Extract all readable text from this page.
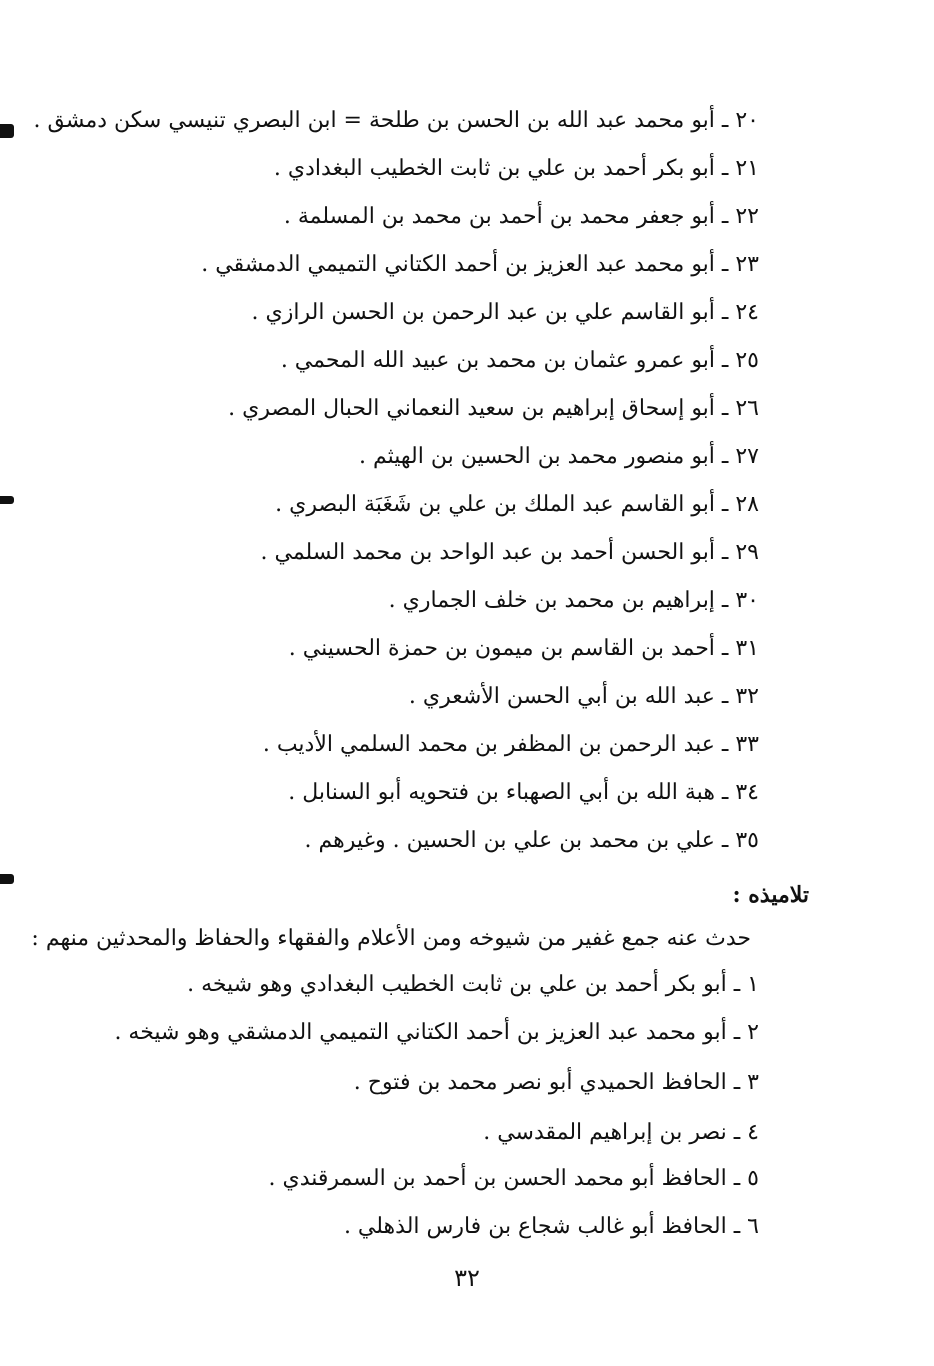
٢٠ ـ أبو محمد عبد الله بن الحسن بن طلحة = ابن البصري تنيسي سكن دمشق .
٢١ ـ أبو بكر أحمد بن علي بن ثابت الخطيب البغدادي .
٢٢ ـ أبو جعفر محمد بن أحمد بن محمد بن المسلمة .
٢٣ ـ أبو محمد عبد العزيز بن أحمد الكتاني التميمي الدمشقي .
٢٤ ـ أبو القاسم علي بن عبد الرحمن بن الحسن الرازي .
٢٥ ـ أبو عمرو عثمان بن محمد بن عبيد الله المحمي .
٢٦ ـ أبو إسحاق إبراهيم بن سعيد النعماني الحبال المصري .
٢٧ ـ أبو منصور محمد بن الحسين بن الهيثم .
٢٨ ـ أبو القاسم عبد الملك بن علي بن شَغَبَة البصري .
٢٩ ـ أبو الحسن أحمد بن عبد الواحد بن محمد السلمي .
٣٠ ـ إبراهيم بن محمد بن خلف الجماري .
٣١ ـ أحمد بن القاسم بن ميمون بن حمزة الحسيني .
٣٢ ـ عبد الله بن أبي الحسن الأشعري .
٣٣ ـ عبد الرحمن بن المظفر بن محمد السلمي الأديب .
٣٤ ـ هبة الله بن أبي الصهباء بن فتحويه أبو السنابل .
٣٥ ـ علي بن محمد بن علي بن الحسين . وغيرهم .
تلاميذه :
حدث عنه جمع غفير من شيوخه ومن الأعلام والفقهاء والحفاظ والمحدثين منهم :
١ ـ أبو بكر أحمد بن علي بن ثابت الخطيب البغدادي وهو شيخه .
٢ ـ أبو محمد عبد العزيز بن أحمد الكتاني التميمي الدمشقي وهو شيخه .
٣ ـ الحافظ الحميدي أبو نصر محمد بن فتوح .
٤ ـ نصر بن إبراهيم المقدسي .
٥ ـ الحافظ أبو محمد الحسن بن أحمد بن السمرقندي .
٦ ـ الحافظ أبو غالب شجاع بن فارس الذهلي .
٣٢
